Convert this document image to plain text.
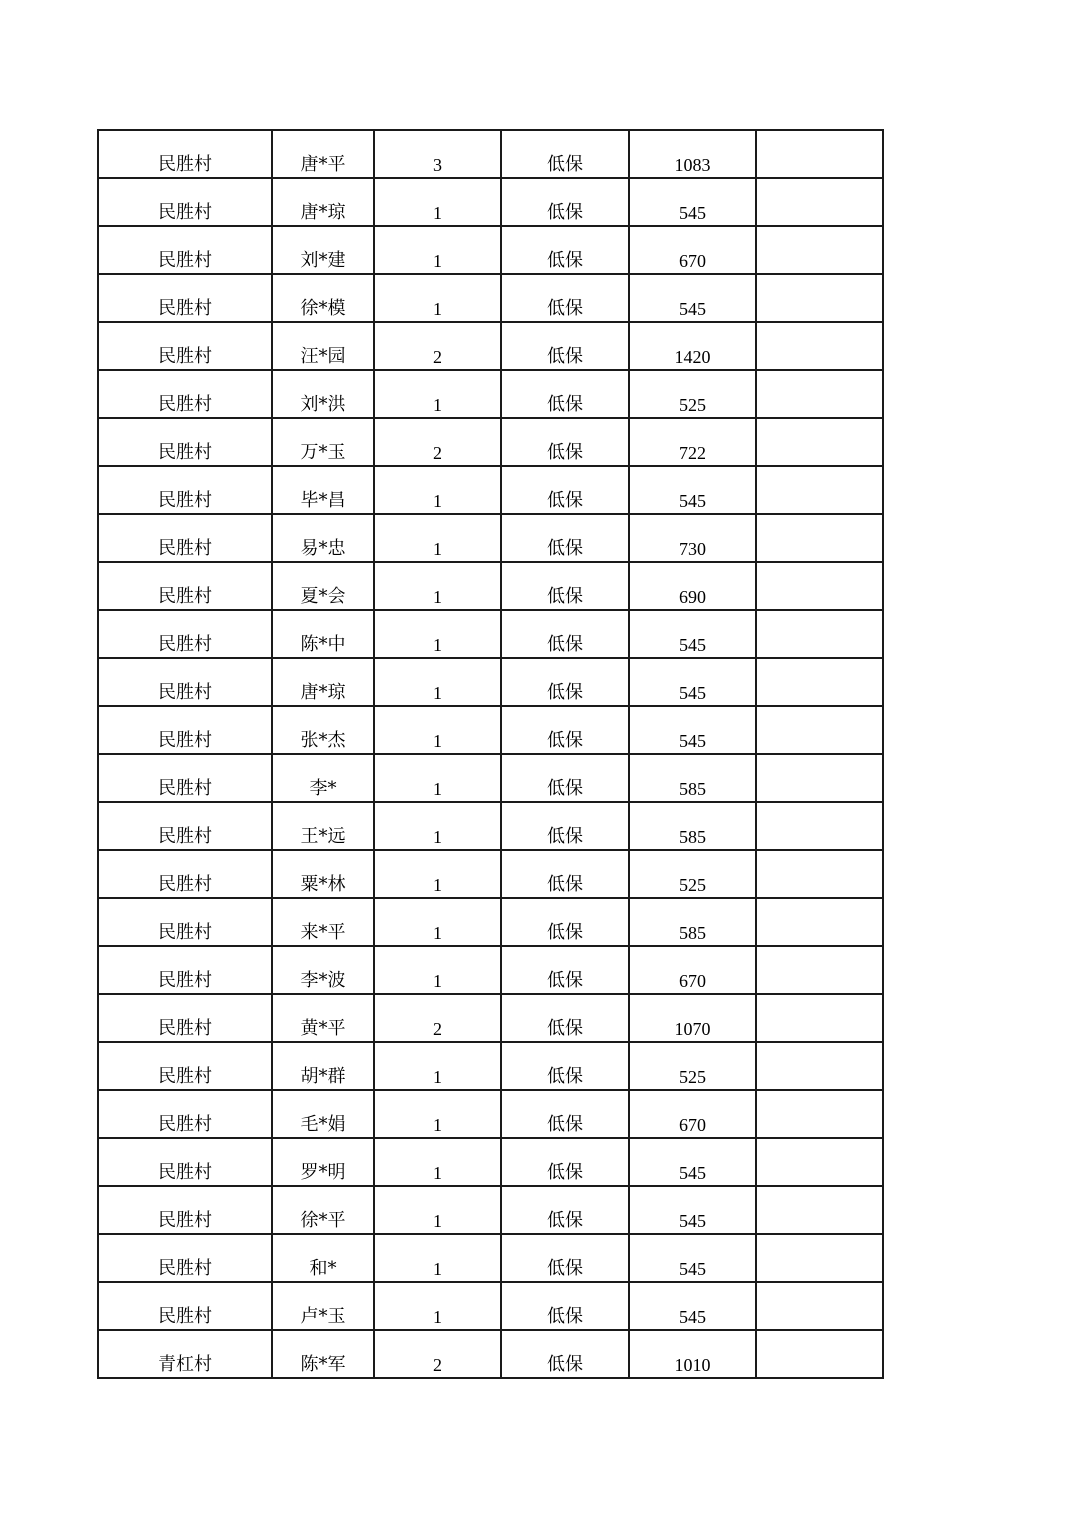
民胜村	唐*平	3	低保	1083	
民胜村	唐*琼	1	低保	545	
民胜村	刘*建	1	低保	670	
民胜村	徐*模	1	低保	545	
民胜村	汪*园	2	低保	1420	
民胜村	刘*洪	1	低保	525	
民胜村	万*玉	2	低保	722	
民胜村	毕*昌	1	低保	545	
民胜村	易*忠	1	低保	730	
民胜村	夏*会	1	低保	690	
民胜村	陈*中	1	低保	545	
民胜村	唐*琼	1	低保	545	
民胜村	张*杰	1	低保	545	
民胜村	李*	1	低保	585	
民胜村	王*远	1	低保	585	
民胜村	粟*林	1	低保	525	
民胜村	来*平	1	低保	585	
民胜村	李*波	1	低保	670	
民胜村	黄*平	2	低保	1070	
民胜村	胡*群	1	低保	525	
民胜村	毛*娟	1	低保	670	
民胜村	罗*明	1	低保	545	
民胜村	徐*平	1	低保	545	
民胜村	和*	1	低保	545	
民胜村	卢*玉	1	低保	545	
青杠村	陈*军	2	低保	1010	
